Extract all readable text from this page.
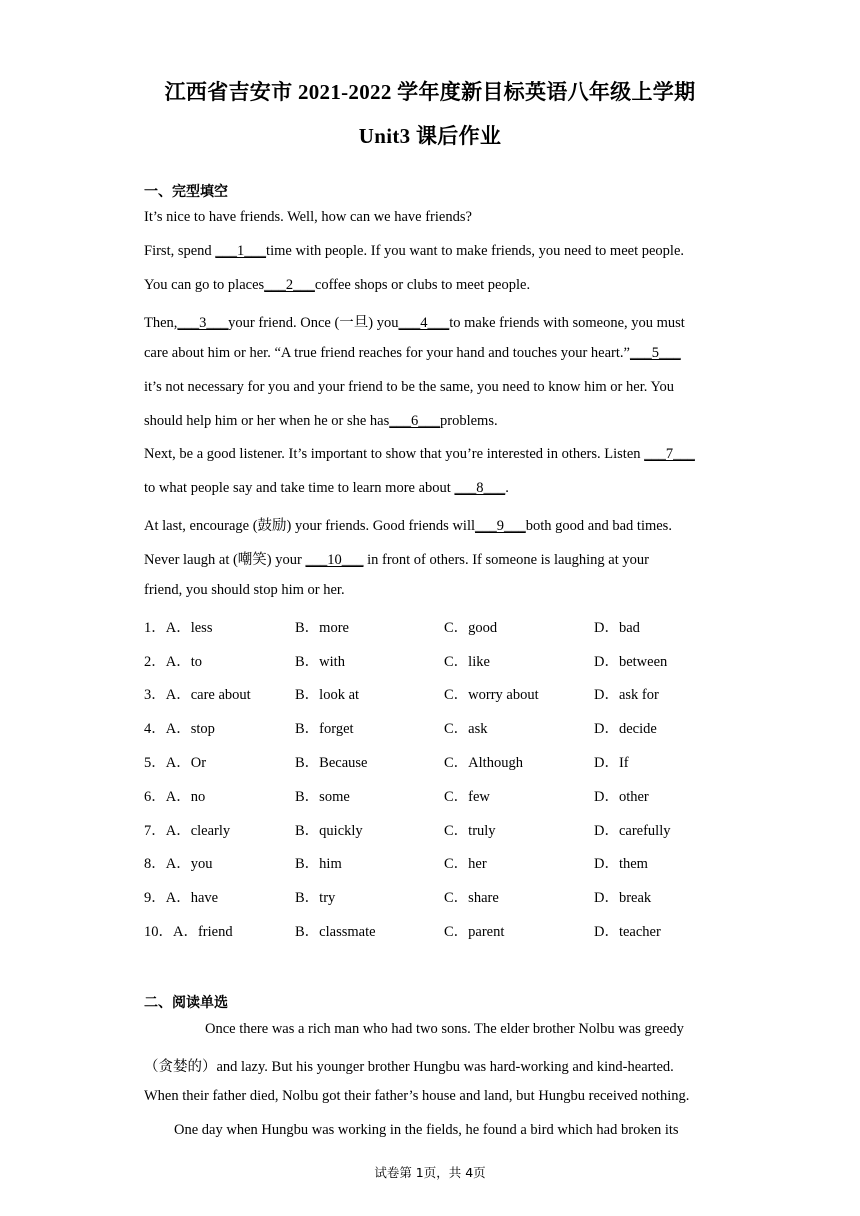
江西省吉安市 2021-2022 学年度新目标英语八年级上学期
Unit3 课后作业
一、完型填空
It’s nice to have friends. Well, how can we have friends?
First, spend ___1___time with people. If you want to make friends, you need to meet people.
You can go to places___2___coffee shops or clubs to meet people.
Then,___3___your friend. Once (一旦) you___4___to make friends with someone, you must
care about him or her. “A true friend reaches for your hand and touches your heart.”___5___
it’s not necessary for you and your friend to be the same, you need to know him or her. You
should help him or her when he or she has___6___problems.
Next, be a good listener. It’s important to show that you’re interested in others. Listen ___7___
to what people say and take time to learn more about ___8___.
At last, encourage (鼓励) your friends. Good friends will___9___both good and bad times.
Never laugh at (嘲笑) your ___10___ in front of others. If someone is laughing at your
friend, you should stop him or her.
1．A．less	B．more	C．good	D．bad
2．A．to	B．with	C．like	D．between
3．A．care about	B．look at	C．worry about	D．ask for
4．A．stop	B．forget	C．ask	D．decide
5．A．Or	B．Because	C．Although	D．If
6．A．no	B．some	C．few	D．other
7．A．clearly	B．quickly	C．truly	D．carefully
8．A．you	B．him	C．her	D．them
9．A．have	B．try	C．share	D．break
10．A．friend	B．classmate	C．parent	D．teacher
二、阅读单选
Once there was a rich man who had two sons. The elder brother Nolbu was greedy
（贪婪的）and lazy. But his younger brother Hungbu was hard-working and kind-hearted.
When their father died, Nolbu got their father’s house and land, but Hungbu received nothing.
One day when Hungbu was working in the fields, he found a bird which had broken its
试卷第 1页，共 4页
